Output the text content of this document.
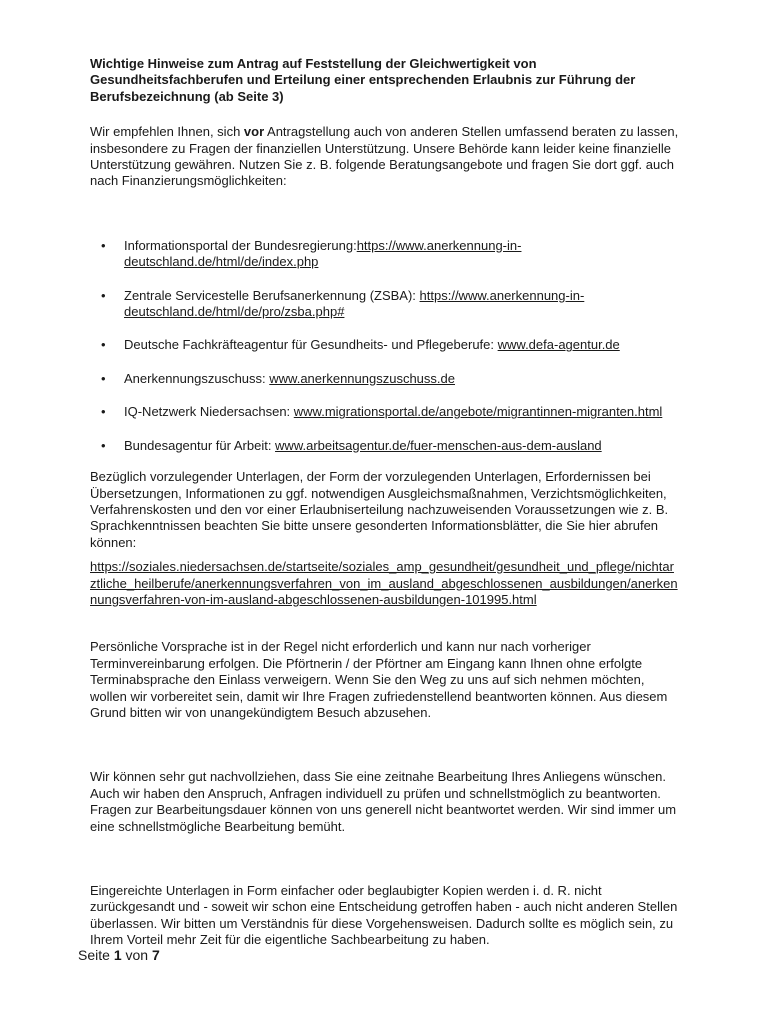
Wichtige Hinweise zum Antrag auf Feststellung der Gleichwertigkeit von Gesundheitsfachberufen und Erteilung einer entsprechenden Erlaubnis zur Führung der Berufsbezeichnung (ab Seite 3)

Wir empfehlen Ihnen, sich vor Antragstellung auch von anderen Stellen umfassend beraten zu lassen, insbesondere zu Fragen der finanziellen Unterstützung. Unsere Behörde kann leider keine finanzielle Unterstützung gewähren. Nutzen Sie z. B. folgende Beratungsangebote und fragen Sie dort ggf. auch nach Finanzierungsmöglichkeiten:

• Informationsportal der Bundesregierung:https://www.anerkennung-in-deutschland.de/html/de/index.php
• Zentrale Servicestelle Berufsanerkennung (ZSBA): https://www.anerkennung-in-deutschland.de/html/de/pro/zsba.php#
• Deutsche Fachkräfteagentur für Gesundheits- und Pflegeberufe: www.defa-agentur.de
• Anerkennungszuschuss: www.anerkennungszuschuss.de
• IQ-Netzwerk Niedersachsen: www.migrationsportal.de/angebote/migrantinnen-migranten.html
• Bundesagentur für Arbeit: www.arbeitsagentur.de/fuer-menschen-aus-dem-ausland

Bezüglich vorzulegender Unterlagen, der Form der vorzulegenden Unterlagen, Erfordernissen bei Übersetzungen, Informationen zu ggf. notwendigen Ausgleichsmaßnahmen, Verzichtsmöglichkeiten, Verfahrenskosten und den vor einer Erlaubniserteilung nachzuweisenden Voraussetzungen wie z. B. Sprachkenntnissen beachten Sie bitte unsere gesonderten Informationsblätter, die Sie hier abrufen können:

https://soziales.niedersachsen.de/startseite/soziales_amp_gesundheit/gesundheit_und_pflege/nichtarztliche_heilberufe/anerkennungsverfahren_von_im_ausland_abgeschlossenen_ausbildungen/anerkennungsverfahren-von-im-ausland-abgeschlossenen-ausbildungen-101995.html

Persönliche Vorsprache ist in der Regel nicht erforderlich und kann nur nach vorheriger Terminvereinbarung erfolgen. Die Pförtnerin / der Pförtner am Eingang kann Ihnen ohne erfolgte Terminabsprache den Einlass verweigern. Wenn Sie den Weg zu uns auf sich nehmen möchten, wollen wir vorbereitet sein, damit wir Ihre Fragen zufriedenstellend beantworten können. Aus diesem Grund bitten wir von unangekündigtem Besuch abzusehen.

Wir können sehr gut nachvollziehen, dass Sie eine zeitnahe Bearbeitung Ihres Anliegens wünschen. Auch wir haben den Anspruch, Anfragen individuell zu prüfen und schnellstmöglich zu beantworten. Fragen zur Bearbeitungsdauer können von uns generell nicht beantwortet werden. Wir sind immer um eine schnellstmögliche Bearbeitung bemüht.

Eingereichte Unterlagen in Form einfacher oder beglaubigter Kopien werden i. d. R. nicht zurückgesandt und - soweit wir schon eine Entscheidung getroffen haben - auch nicht anderen Stellen überlassen. Wir bitten um Verständnis für diese Vorgehensweisen. Dadurch sollte es möglich sein, zu Ihrem Vorteil mehr Zeit für die eigentliche Sachbearbeitung zu haben.

Seite 1 von 7
